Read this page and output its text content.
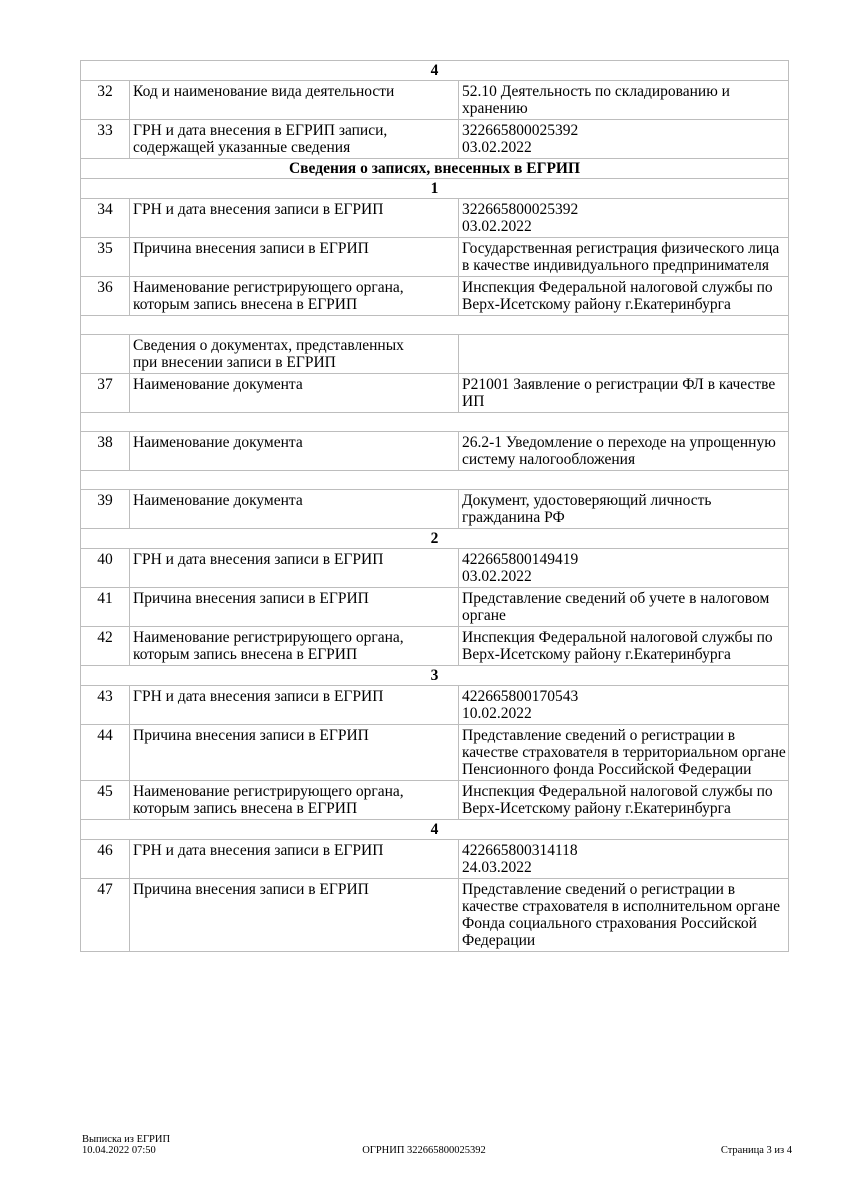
4		
32	Код и наименование вида деятельности	52.10 Деятельность по складированию и хранению
33	ГРН и дата внесения в ЕГРИП записи,
содержащей указанные сведения	322665800025392
03.02.2022
Сведения о записях, внесенных в ЕГРИП		
1		
34	ГРН и дата внесения записи в ЕГРИП	322665800025392
03.02.2022
35	Причина внесения записи в ЕГРИП	Государственная регистрация физического лица в качестве индивидуального предпринимателя
36	Наименование регистрирующего органа,
которым запись внесена в ЕГРИП	Инспекция Федеральной налоговой службы по Верх-Исетскому району г.Екатеринбурга

	Сведения о документах, представленных
при внесении записи в ЕГРИП	
37	Наименование документа	Р21001 Заявление о регистрации ФЛ в качестве ИП

38	Наименование документа	26.2-1 Уведомление о переходе на упрощенную систему налогообложения

39	Наименование документа	Документ, удостоверяющий личность гражданина РФ
2		
40	ГРН и дата внесения записи в ЕГРИП	422665800149419
03.02.2022
41	Причина внесения записи в ЕГРИП	Представление сведений об учете в налоговом органе
42	Наименование регистрирующего органа,
которым запись внесена в ЕГРИП	Инспекция Федеральной налоговой службы по Верх-Исетскому району г.Екатеринбурга
3		
43	ГРН и дата внесения записи в ЕГРИП	422665800170543
10.02.2022
44	Причина внесения записи в ЕГРИП	Представление сведений о регистрации в качестве страхователя в территориальном органе Пенсионного фонда Российской Федерации
45	Наименование регистрирующего органа,
которым запись внесена в ЕГРИП	Инспекция Федеральной налоговой службы по Верх-Исетскому району г.Екатеринбурга
4		
46	ГРН и дата внесения записи в ЕГРИП	422665800314118
24.03.2022
47	Причина внесения записи в ЕГРИП	Представление сведений о регистрации в качестве страхователя в исполнительном органе Фонда социального страхования Российской Федерации
Выписка из ЕГРИП
10.04.2022 07:50	ОГРНИП 322665800025392	Страница 3 из 4
